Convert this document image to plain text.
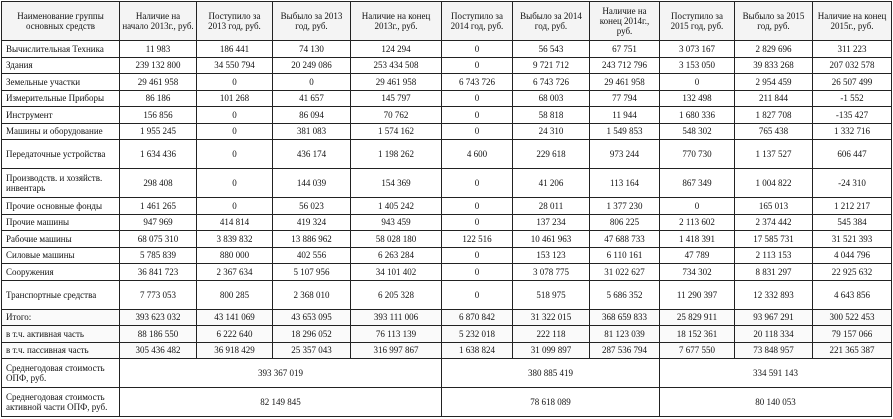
Наименование группы основных средств	Наличие на начало 2013г., руб.	Поступило за 2013 год, руб.	Выбыло за 2013 год, руб.	Наличие на конец 2013г., руб.	Поступило за 2014 год, руб.	Выбыло за 2014 год, руб.	Наличие на конец 2014г., руб.	Поступило за 2015 год, руб.	Выбыло за 2015 год, руб.	Наличие на конец 2015г., руб.
Вычислительная Техника	11 983	186 441	74 130	124 294	0	56 543	67 751	3 073 167	2 829 696	311 223
Здания	239 132 800	34 550 794	20 249 086	253 434 508	0	9 721 712	243 712 796	3 153 050	39 833 268	207 032 578
Земельные участки	29 461 958	0	0	29 461 958	6 743 726	6 743 726	29 461 958	0	2 954 459	26 507 499
Измерительные Приборы	86 186	101 268	41 657	145 797	0	68 003	77 794	132 498	211 844	-1 552
Инструмент	156 856	0	86 094	70 762	0	58 818	11 944	1 680 336	1 827 708	-135 427
Машины и оборудование	1 955 245	0	381 083	1 574 162	0	24 310	1 549 853	548 302	765 438	1 332 716
Передаточные устройства	1 634 436	0	436 174	1 198 262	4 600	229 618	973 244	770 730	1 137 527	606 447
Производств. и хозяйств. инвентарь	298 408	0	144 039	154 369	0	41 206	113 164	867 349	1 004 822	-24 310
Прочие основные фонды	1 461 265	0	56 023	1 405 242	0	28 011	1 377 230	0	165 013	1 212 217
Прочие машины	947 969	414 814	419 324	943 459	0	137 234	806 225	2 113 602	2 374 442	545 384
Рабочие машины	68 075 310	3 839 832	13 886 962	58 028 180	122 516	10 461 963	47 688 733	1 418 391	17 585 731	31 521 393
Силовые машины	5 785 839	880 000	402 556	6 263 284	0	153 123	6 110 161	47 789	2 113 153	4 044 796
Сооружения	36 841 723	2 367 634	5 107 956	34 101 402	0	3 078 775	31 022 627	734 302	8 831 297	22 925 632
Транспортные средства	7 773 053	800 285	2 368 010	6 205 328	0	518 975	5 686 352	11 290 397	12 332 893	4 643 856
Итого:	393 623 032	43 141 069	43 653 095	393 111 006	6 870 842	31 322 015	368 659 833	25 829 911	93 967 291	300 522 453
в т.ч. активная часть	88 186 550	6 222 640	18 296 052	76 113 139	5 232 018	222 118	81 123 039	18 152 361	20 118 334	79 157 066
в т.ч. пассивная часть	305 436 482	36 918 429	25 357 043	316 997 867	1 638 824	31 099 897	287 536 794	7 677 550	73 848 957	221 365 387
Среднегодовая стоимость ОПФ, руб.	393 367 019				380 885 419			334 591 143		
Среднегодовая стоимость активной части ОПФ, руб.	82 149 845				78 618 089			80 140 053		
